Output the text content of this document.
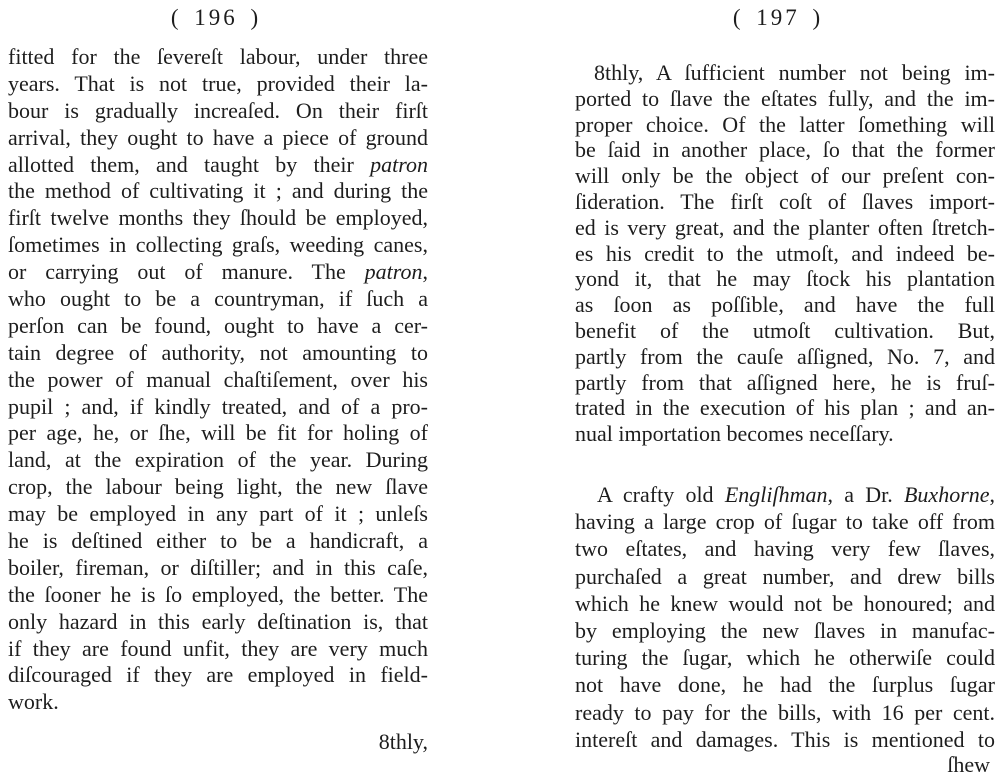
( 196 )
fitted for the ſevereſt labour, under three
years. That is not true, provided their la-
bour is gradually increaſed. On their firſt
arrival, they ought to have a piece of ground
allotted them, and taught by their patron
the method of cultivating it ; and during the
firſt twelve months they ſhould be employed,
ſometimes in collecting graſs, weeding canes,
or carrying out of manure. The patron,
who ought to be a countryman, if ſuch a
perſon can be found, ought to have a cer-
tain degree of authority, not amounting to
the power of manual chaſtiſement, over his
pupil ; and, if kindly treated, and of a pro-
per age, he, or ſhe, will be fit for holing of
land, at the expiration of the year. During
crop, the labour being light, the new ſlave
may be employed in any part of it ; unleſs
he is deſtined either to be a handicraft, a
boiler, fireman, or diſtiller; and in this caſe,
the ſooner he is ſo employed, the better. The
only hazard in this early deſtination is, that
if they are found unfit, they are very much
diſcouraged if they are employed in field-
work.
8thly,
( 197 )
8thly, A ſufficient number not being im-
ported to ſlave the eſtates fully, and the im-
proper choice. Of the latter ſomething will
be ſaid in another place, ſo that the former
will only be the object of our preſent con-
ſideration. The firſt coſt of ſlaves import-
ed is very great, and the planter often ſtretch-
es his credit to the utmoſt, and indeed be-
yond it, that he may ſtock his plantation
as ſoon as poſſible, and have the full
benefit of the utmoſt cultivation. But,
partly from the cauſe aſſigned, No. 7, and
partly from that aſſigned here, he is fruſ-
trated in the execution of his plan ; and an-
nual importation becomes neceſſary.
A crafty old Engliſhman, a Dr. Buxhorne,
having a large crop of ſugar to take off from
two eſtates, and having very few ſlaves,
purchaſed a great number, and drew bills
which he knew would not be honoured; and
by employing the new ſlaves in manufac-
turing the ſugar, which he otherwiſe could
not have done, he had the ſurplus ſugar
ready to pay for the bills, with 16 per cent.
intereſt and damages. This is mentioned to
ſhew
